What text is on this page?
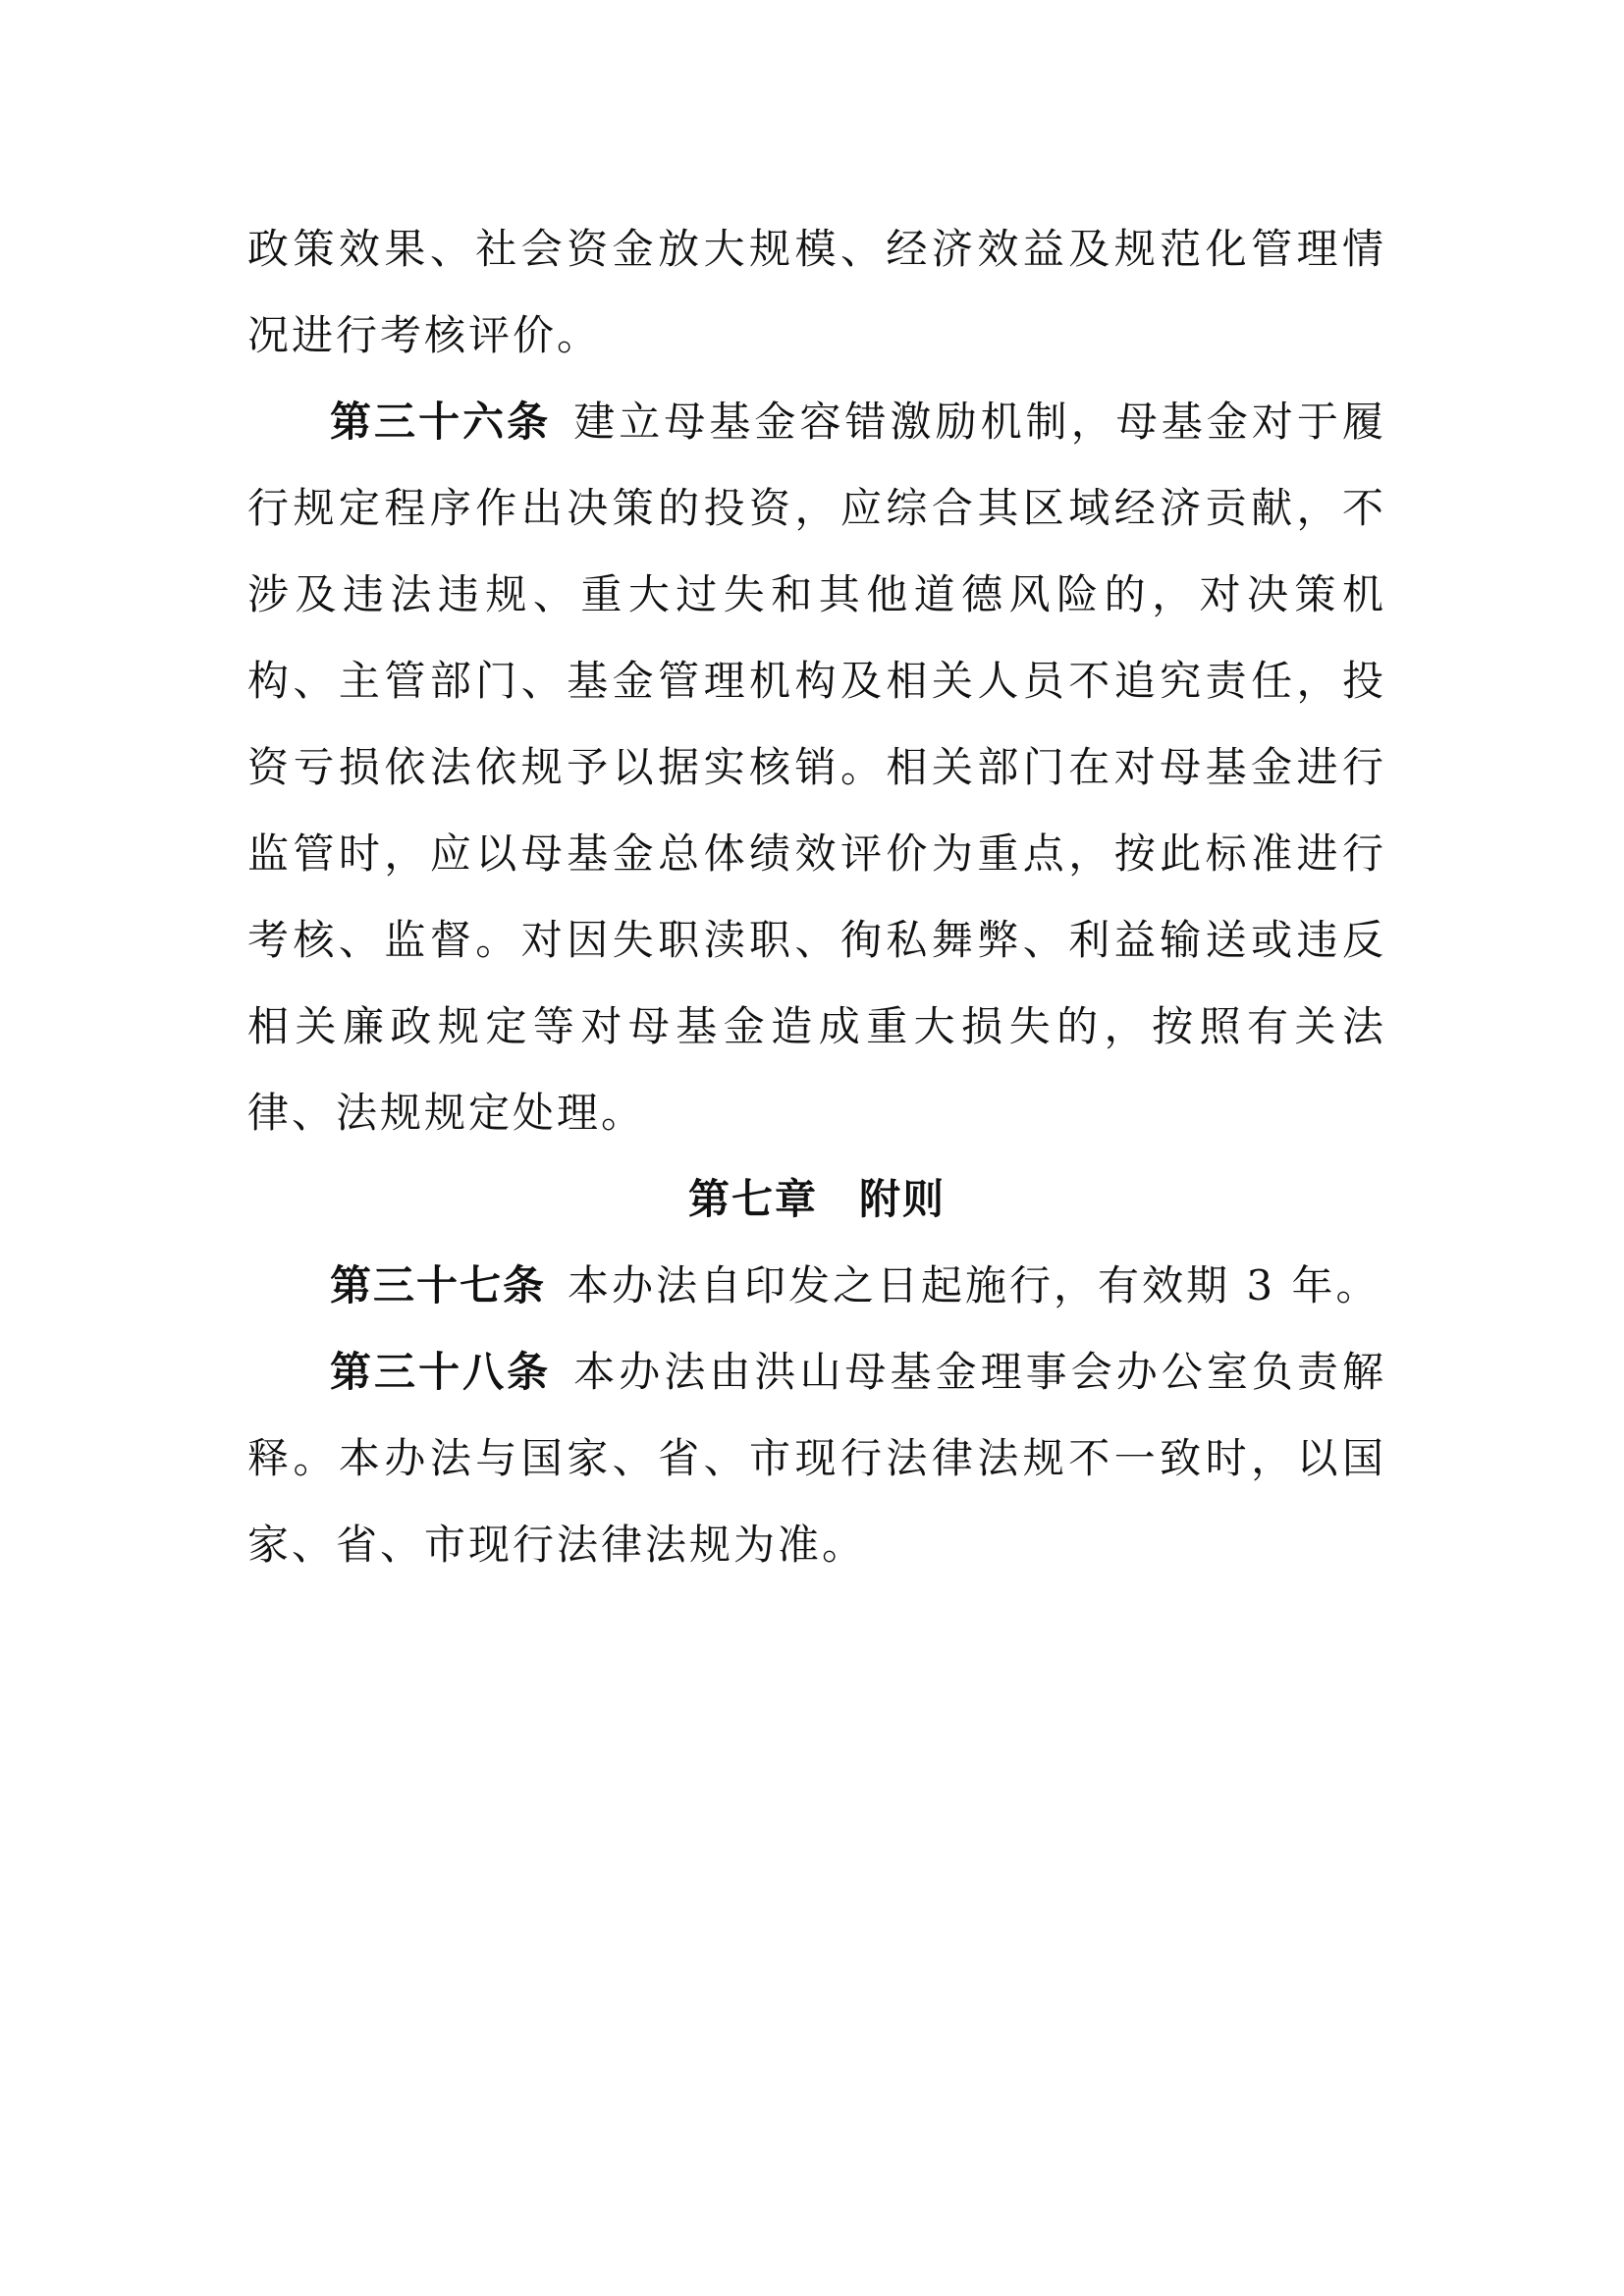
政策效果、社会资金放大规模、经济效益及规范化管理情况进行考核评价。

第三十六条 建立母基金容错激励机制，母基金对于履行规定程序作出决策的投资，应综合其区域经济贡献，不涉及违法违规、重大过失和其他道德风险的，对决策机构、主管部门、基金管理机构及相关人员不追究责任，投资亏损依法依规予以据实核销。相关部门在对母基金进行监管时，应以母基金总体绩效评价为重点，按此标准进行考核、监督。对因失职渎职、徇私舞弊、利益输送或违反相关廉政规定等对母基金造成重大损失的，按照有关法律、法规规定处理。

第七章 附则

第三十七条 本办法自印发之日起施行，有效期 3 年。

第三十八条 本办法由洪山母基金理事会办公室负责解释。本办法与国家、省、市现行法律法规不一致时，以国家、省、市现行法律法规为准。
